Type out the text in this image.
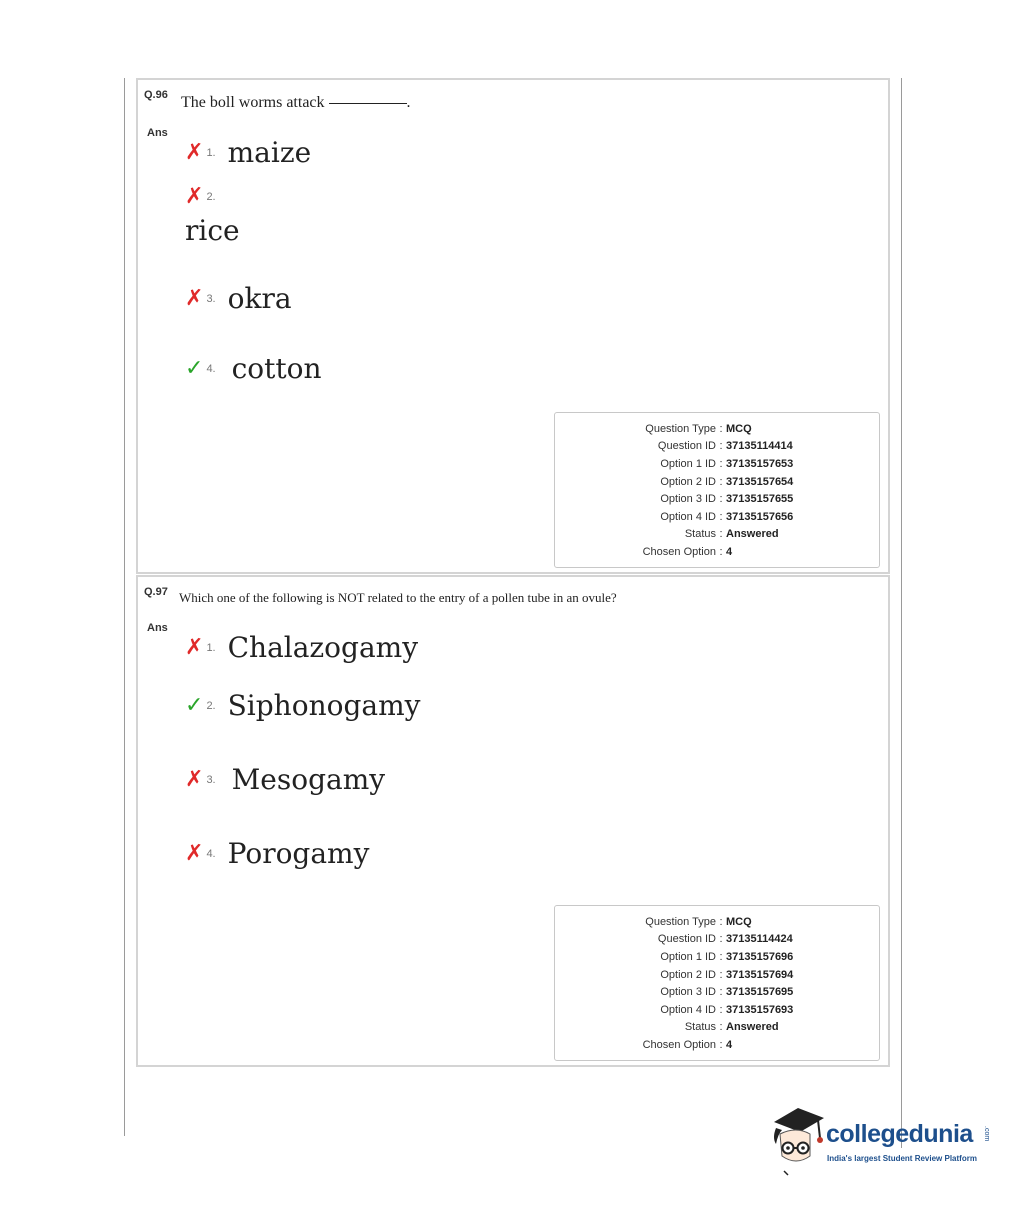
Q.96 The boll worms attack	.
Ans
✗ 1. maize
✗ 2.
rice
✗ 3. okra
✓ 4. cotton
Question Type : MCQ
Question ID : 37135114414
Option 1 ID : 37135157653
Option 2 ID : 37135157654
Option 3 ID : 37135157655
Option 4 ID : 37135157656
Status : Answered
Chosen Option : 4
Q.97 Which one of the following is NOT related to the entry of a pollen tube in an ovule?
Ans
✗ 1. Chalazogamy
✓ 2. Siphonogamy
✗ 3. Mesogamy
✗ 4. Porogamy
Question Type : MCQ
Question ID : 37135114424
Option 1 ID : 37135157696
Option 2 ID : 37135157694
Option 3 ID : 37135157695
Option 4 ID : 37135157693
Status : Answered
Chosen Option : 4
collegedunia .com
India's largest Student Review Platform
